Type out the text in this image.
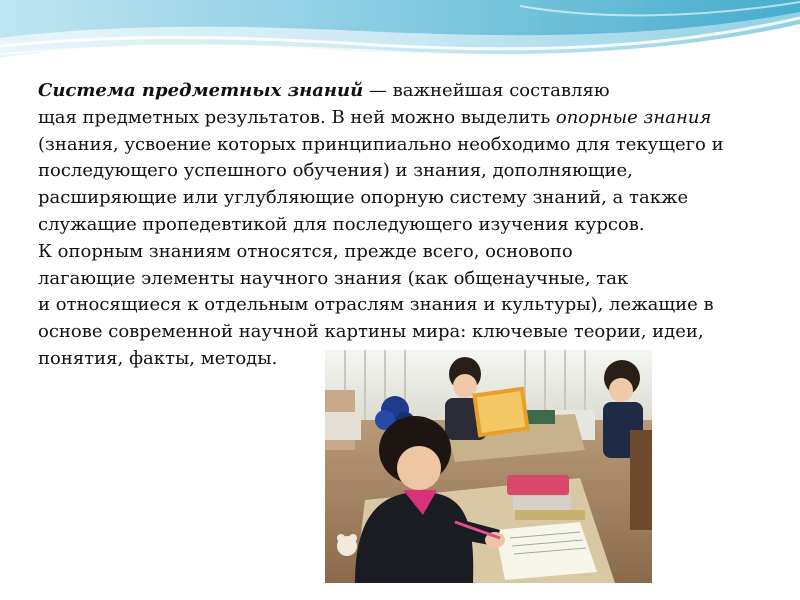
Система предметных знаний — важнейшая составляю
щая предметных результатов. В ней можно выделить опорные знания
(знания, усвоение которых принципиально необходимо для текущего и
последующего успешного обучения) и знания, дополняющие,
расширяющие или углубляющие опорную систему знаний, а также
служащие пропедевтикой для последующего изучения курсов.
К опорным знаниям относятся, прежде всего, основопо
лагающие элементы научного знания (как общенаучные, так
и относящиеся к отдельным отраслям знания и культуры), лежащие в
основе современной научной картины мира: ключевые теории, идеи,
понятия, факты, методы.
